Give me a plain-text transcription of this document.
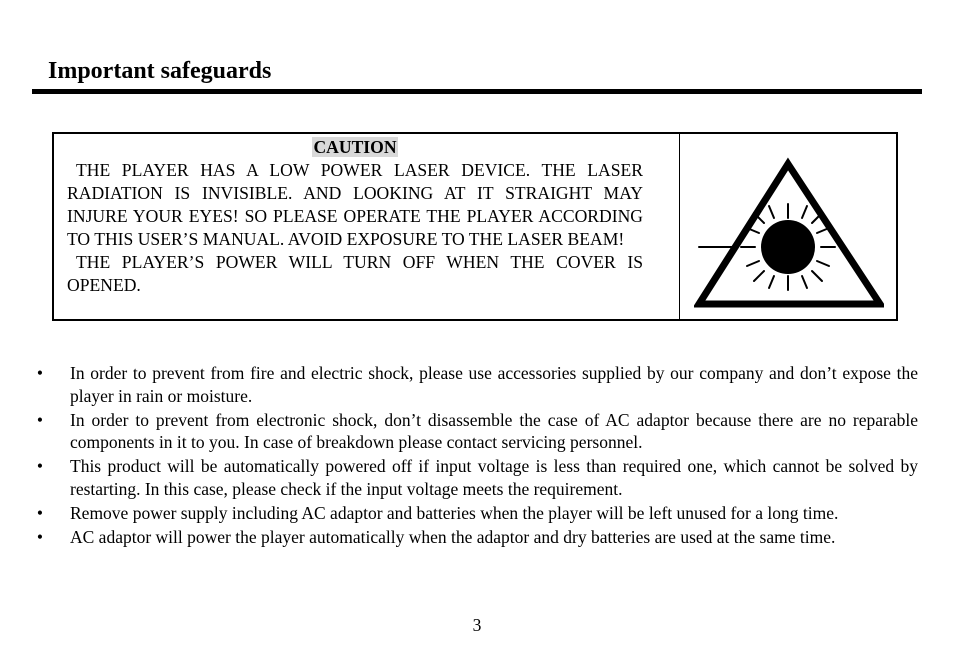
Important safeguards

CAUTION

THE PLAYER HAS A LOW POWER LASER DEVICE. THE LASER RADIATION IS INVISIBLE. AND LOOKING AT IT STRAIGHT MAY INJURE YOUR EYES! SO PLEASE OPERATE THE PLAYER ACCORDING TO THIS USER’S MANUAL. AVOID EXPOSURE TO THE LASER BEAM!

THE PLAYER’S POWER WILL TURN OFF WHEN THE COVER IS OPENED.

• In order to prevent from fire and electric shock, please use accessories supplied by our company and don’t expose the player in rain or moisture.
• In order to prevent from electronic shock, don’t disassemble the case of AC adaptor because there are no reparable components in it to you. In case of breakdown please contact servicing personnel.
• This product will be automatically powered off if input voltage is less than required one, which cannot be solved by restarting. In this case, please check if the input voltage meets the requirement.
• Remove power supply including AC adaptor and batteries when the player will be left unused for a long time.
• AC adaptor will power the player automatically when the adaptor and dry batteries are used at the same time.
3
